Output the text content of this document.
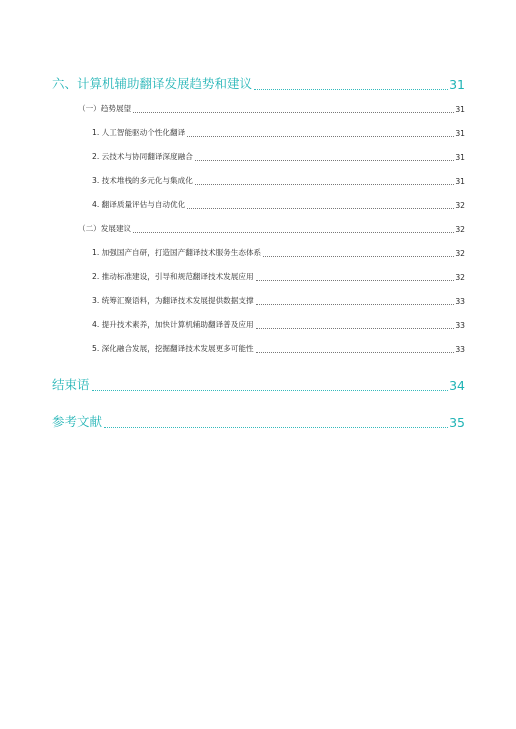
六、计算机辅助翻译发展趋势和建议	31
（一）趋势展望	31
1. 人工智能驱动个性化翻译	31
2. 云技术与协同翻译深度融合	31
3. 技术堆栈的多元化与集成化	31
4. 翻译质量评估与自动优化	32
（二）发展建议	32
1. 加强国产自研，打造国产翻译技术服务生态体系	32
2. 推动标准建设，引导和规范翻译技术发展应用	32
3. 统筹汇聚语料，为翻译技术发展提供数据支撑	33
4. 提升技术素养，加快计算机辅助翻译普及应用	33
5. 深化融合发展，挖掘翻译技术发展更多可能性	33
结束语	34
参考文献	35
